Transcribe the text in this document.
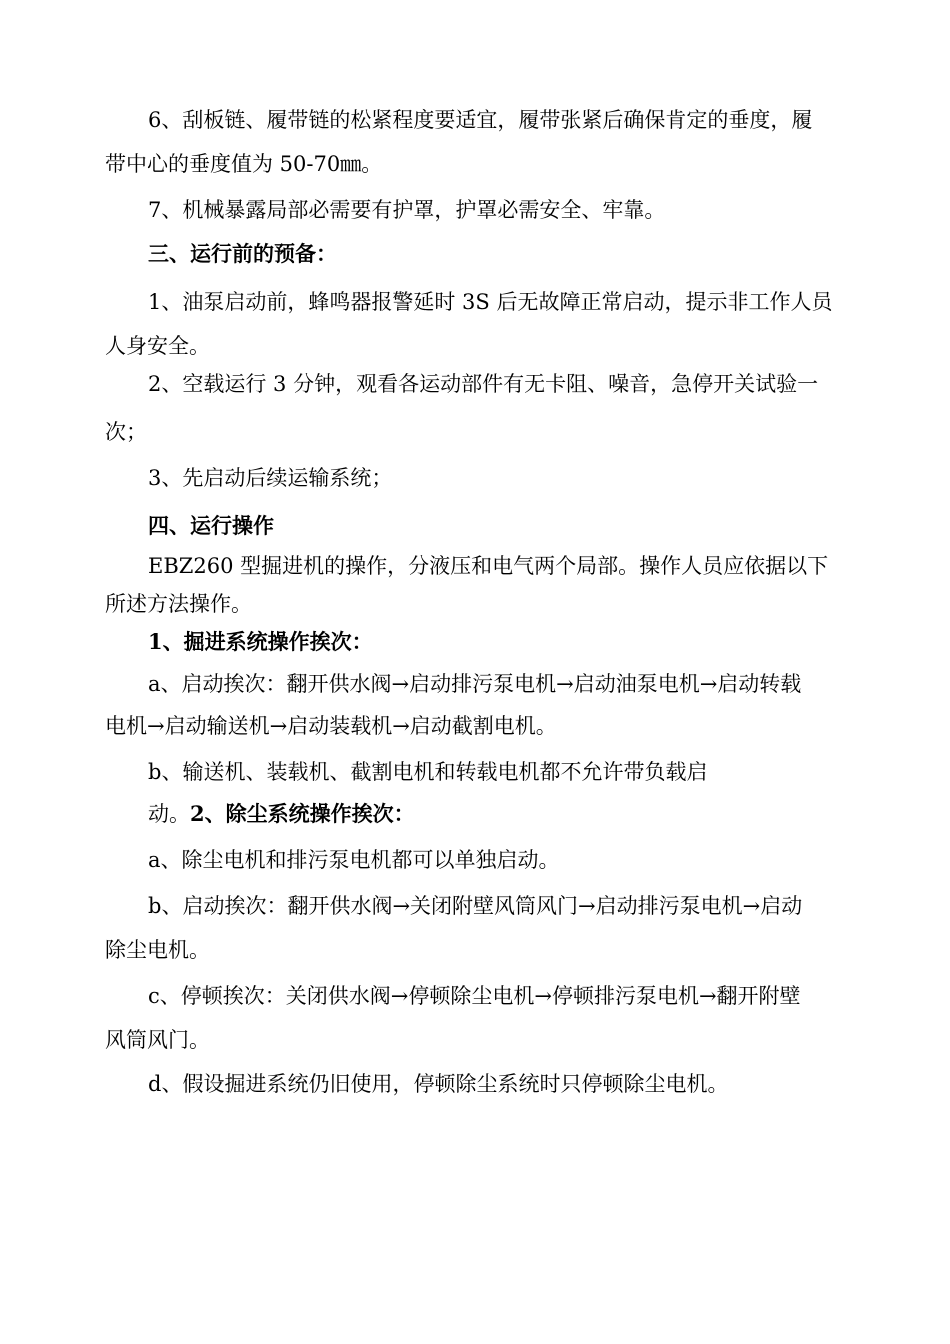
6、刮板链、履带链的松紧程度要适宜，履带张紧后确保肯定的垂度，履

带中心的垂度值为 50-70㎜。

7、机械暴露局部必需要有护罩，护罩必需安全、牢靠。

三、运行前的预备：

1、油泵启动前，蜂鸣器报警延时 3S 后无故障正常启动，提示非工作人员

人身安全。

2、空载运行 3 分钟，观看各运动部件有无卡阻、噪音，急停开关试验一

次；

3、先启动后续运输系统；

四、运行操作

EBZ260 型掘进机的操作，分液压和电气两个局部。操作人员应依据以下

所述方法操作。

1、掘进系统操作挨次：

a、启动挨次：翻开供水阀→启动排污泵电机→启动油泵电机→启动转载

电机→启动输送机→启动装载机→启动截割电机。

b、输送机、装载机、截割电机和转载电机都不允许带负载启

动。2、除尘系统操作挨次：

a、除尘电机和排污泵电机都可以单独启动。

b、启动挨次：翻开供水阀→关闭附壁风筒风门→启动排污泵电机→启动

除尘电机。

c、停顿挨次：关闭供水阀→停顿除尘电机→停顿排污泵电机→翻开附壁

风筒风门。

d、假设掘进系统仍旧使用，停顿除尘系统时只停顿除尘电机。
